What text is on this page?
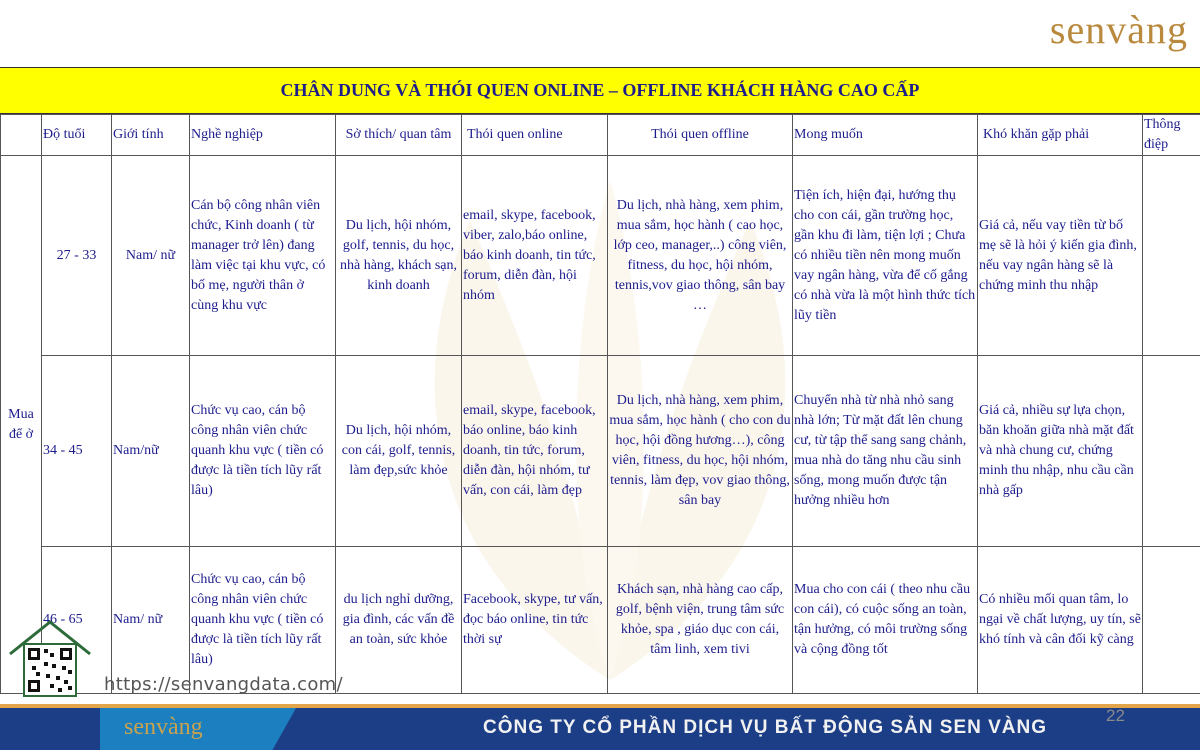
senvàng
CHÂN DUNG VÀ THÓI QUEN ONLINE – OFFLINE KHÁCH HÀNG CAO CẤP
	Độ tuổi	Giới tính	Nghề nghiệp	Sở thích/ quan tâm	Thói quen online	Thói quen offline	Mong muốn	Khó khăn gặp phải	Thông điệp
Mua để ở	27 - 33	Nam/ nữ	Cán bộ công nhân viên chức, Kinh doanh ( từ manager trở lên) đang làm việc tại khu vực, có bố mẹ, người thân ở cùng khu vực	Du lịch, hội nhóm, golf, tennis, du học, nhà hàng, khách sạn, kinh doanh	email, skype, facebook, viber, zalo,báo online, báo kinh doanh, tin tức, forum, diễn đàn, hội nhóm	Du lịch, nhà hàng, xem phim, mua sắm, học hành ( cao học, lớp ceo, manager,..) công viên, fitness, du học, hội nhóm, tennis,vov giao thông, sân bay …	Tiện ích, hiện đại, hướng thụ cho con cái, gần trường học, gần khu đi làm, tiện lợi ; Chưa có nhiều tiền nên mong muốn vay ngân hàng, vừa để cố gắng có nhà vừa là một hình thức tích lũy tiền	Giá cả, nếu vay tiền từ bố mẹ sẽ là hỏi ý kiến gia đình, nếu vay ngân hàng sẽ là chứng minh thu nhập	
	34 - 45	Nam/nữ	Chức vụ cao, cán bộ công nhân viên chức quanh khu vực ( tiền có được là tiền tích lũy rất lâu)	Du lịch, hội nhóm, con cái, golf, tennis, làm đẹp,sức khỏe	email, skype, facebook, báo online, báo kinh doanh, tin tức, forum, diễn đàn, hội nhóm, tư vấn, con cái, làm đẹp	Du lịch, nhà hàng, xem phim, mua sắm, học hành ( cho con du học, hội đồng hương…), công viên, fitness, du học, hội nhóm, tennis, làm đẹp, vov giao thông, sân bay	Chuyển nhà từ nhà nhỏ sang nhà lớn; Từ mặt đất lên chung cư, từ tập thể sang sang chảnh, mua nhà do tăng nhu cầu sinh sống, mong muốn được tận hưởng nhiều hơn	Giá cả, nhiều sự lựa chọn, băn khoăn giữa nhà mặt đất và nhà chung cư, chứng minh thu nhập, nhu cầu cần nhà gấp	
	46 - 65	Nam/ nữ	Chức vụ cao, cán bộ công nhân viên chức quanh khu vực ( tiền có được là tiền tích lũy rất lâu)	du lịch nghỉ dưỡng, gia đình, các vấn đề an toàn, sức khỏe	Facebook, skype, tư vấn, đọc báo online, tin tức thời sự	Khách sạn, nhà hàng cao cấp, golf, bệnh viện, trung tâm sức khỏe, spa , giáo dục con cái, tâm linh, xem tivi	Mua cho con cái ( theo nhu cầu con cái), có cuộc sống an toàn, tận hưởng, có môi trường sống và cộng đồng tốt	Có nhiều mối quan tâm, lo ngại về chất lượng, uy tín, sẽ khó tính và cân đối kỹ càng	
https://senvangdata.com/
senvàng	CÔNG TY CỔ PHẦN DỊCH VỤ BẤT ĐỘNG SẢN SEN VÀNG
22
